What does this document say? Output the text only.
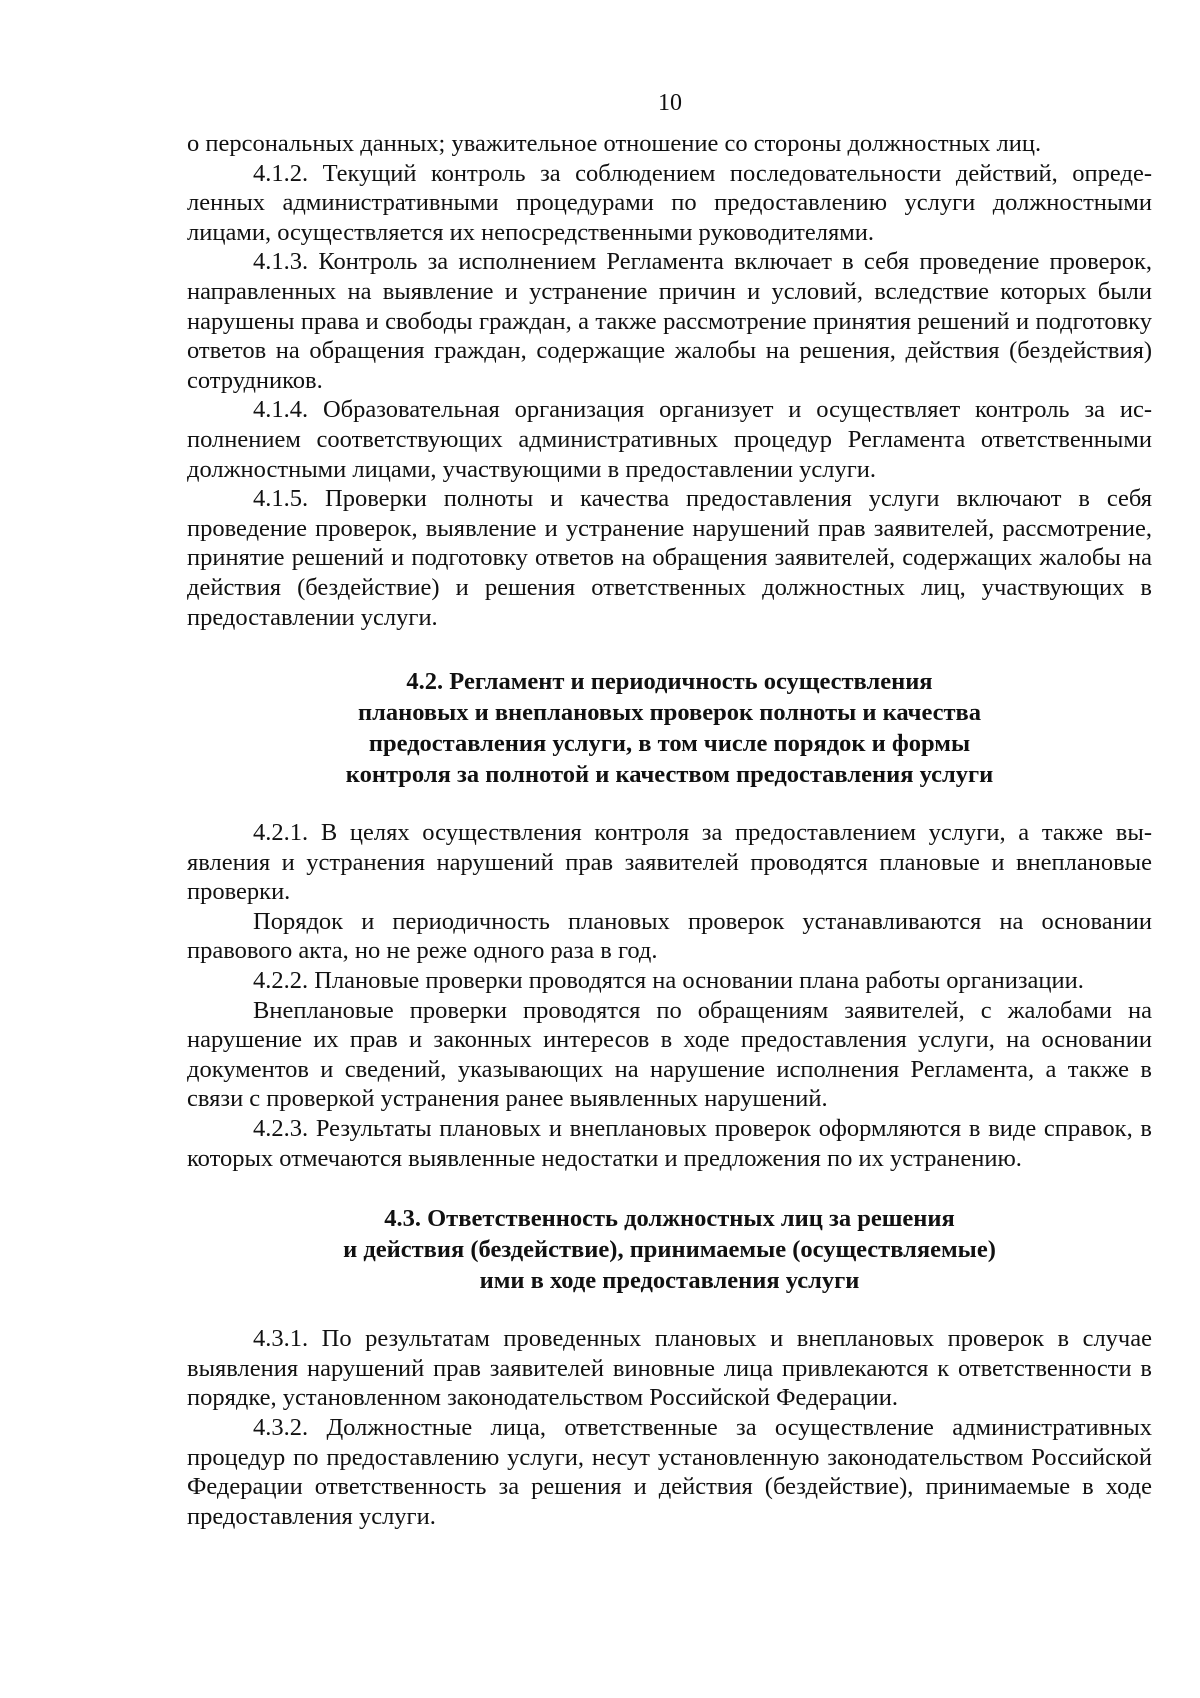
10

о персональных данных; уважительное отношение со стороны должностных лиц.

4.1.2. Текущий контроль за соблюдением последовательности действий, определенных административными процедурами по предоставлению услуги должностными лицами, осуществляется их непосредственными руководителями.

4.1.3. Контроль за исполнением Регламента включает в себя проведение проверок, направленных на выявление и устранение причин и условий, вследствие которых были нарушены права и свободы граждан, а также рассмотрение принятия решений и подготовку ответов на обращения граждан, содержащие жалобы на решения, действия (бездействия) сотрудников.

4.1.4. Образовательная организация организует и осуществляет контроль за исполнением соответствующих административных процедур Регламента ответственными должностными лицами, участвующими в предоставлении услуги.

4.1.5. Проверки полноты и качества предоставления услуги включают в себя проведение проверок, выявление и устранение нарушений прав заявителей, рассмотрение, принятие решений и подготовку ответов на обращения заявителей, содержащих жалобы на действия (бездействие) и решения ответственных должностных лиц, участвующих в предоставлении услуги.

4.2. Регламент и периодичность осуществления
плановых и внеплановых проверок полноты и качества
предоставления услуги, в том числе порядок и формы
контроля за полнотой и качеством предоставления услуги

4.2.1. В целях осуществления контроля за предоставлением услуги, а также выявления и устранения нарушений прав заявителей проводятся плановые и внеплановые проверки.

Порядок и периодичность плановых проверок устанавливаются на основании правового акта, но не реже одного раза в год.

4.2.2. Плановые проверки проводятся на основании плана работы организации.

Внеплановые проверки проводятся по обращениям заявителей, с жалобами на нарушение их прав и законных интересов в ходе предоставления услуги, на основании документов и сведений, указывающих на нарушение исполнения Регламента, а также в связи с проверкой устранения ранее выявленных нарушений.

4.2.3. Результаты плановых и внеплановых проверок оформляются в виде справок, в которых отмечаются выявленные недостатки и предложения по их устранению.

4.3. Ответственность должностных лиц за решения
и действия (бездействие), принимаемые (осуществляемые)
ими в ходе предоставления услуги

4.3.1. По результатам проведенных плановых и внеплановых проверок в случае выявления нарушений прав заявителей виновные лица привлекаются к ответственности в порядке, установленном законодательством Российской Федерации.

4.3.2. Должностные лица, ответственные за осуществление административных процедур по предоставлению услуги, несут установленную законодательством Российской Федерации ответственность за решения и действия (бездействие), принимаемые в ходе предоставления услуги.
